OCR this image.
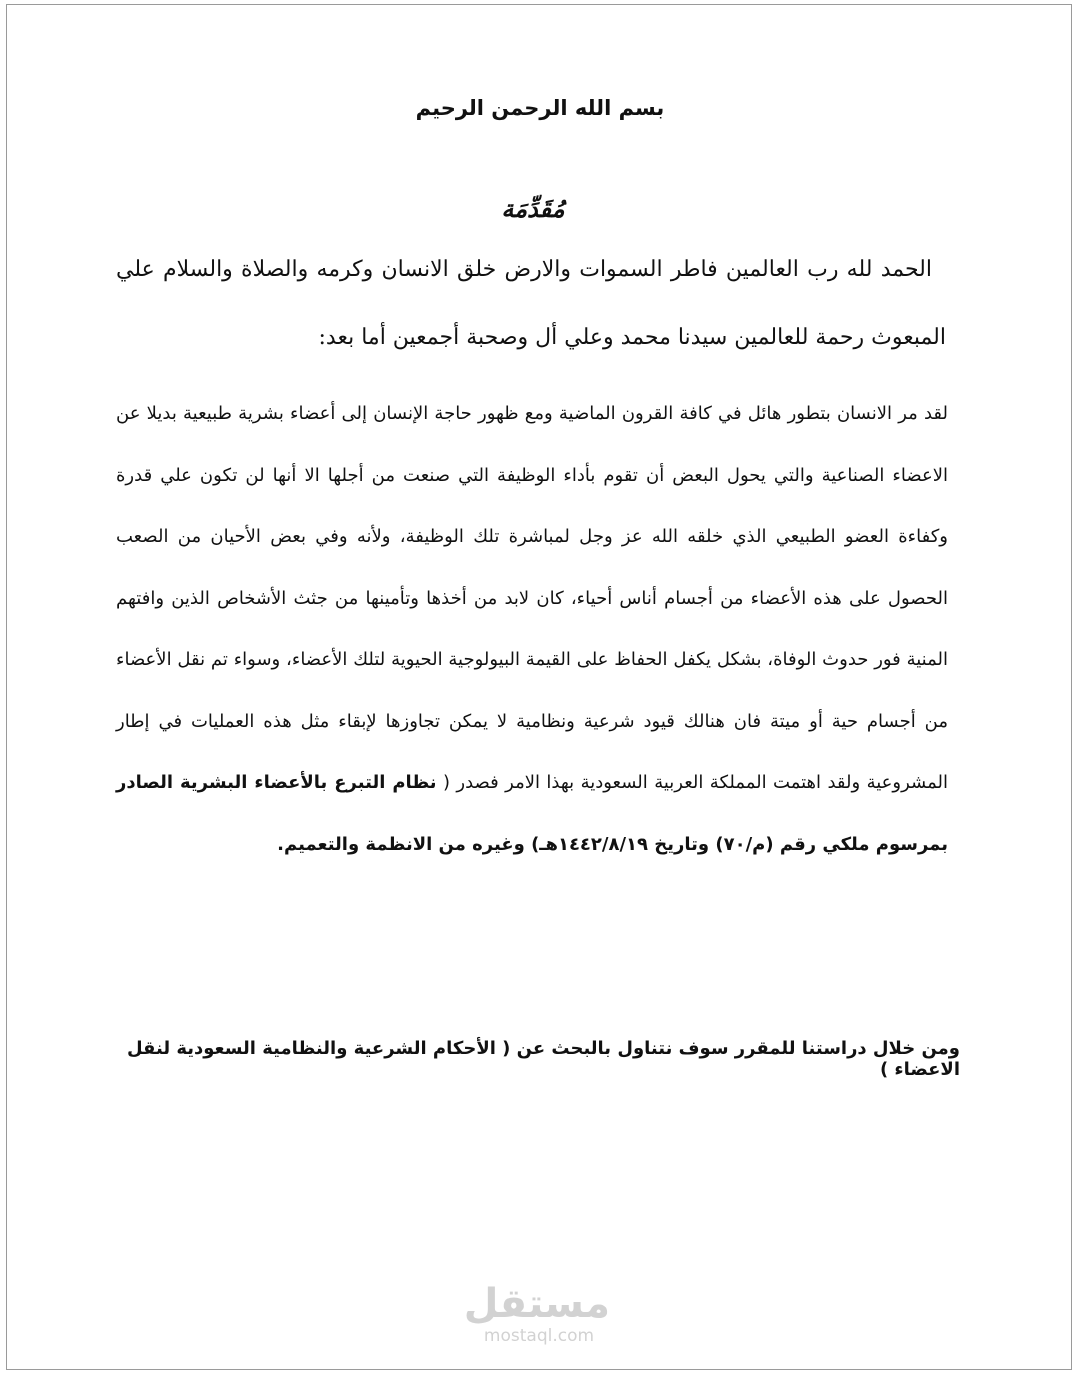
بسم الله الرحمن الرحيم
مُقَدِّمَة

الحمد لله رب العالمين فاطر السموات والارض خلق الانسان وكرمه والصلاة والسلام علي المبعوث رحمة للعالمين سيدنا محمد وعلي أل وصحبة أجمعين أما بعد:

لقد مر الانسان بتطور هائل في كافة القرون الماضية ومع ظهور حاجة الإنسان إلى أعضاء بشرية طبيعية بديلا عن الاعضاء الصناعية والتي يحول البعض أن تقوم بأداء الوظيفة التي صنعت من أجلها الا أنها لن تكون علي قدرة وكفاءة العضو الطبيعي الذي خلقه الله عز وجل لمباشرة تلك الوظيفة، ولأنه وفي بعض الأحيان من الصعب الحصول على هذه الأعضاء من أجسام أناس أحياء، كان لابد من أخذها وتأمينها من جثث الأشخاص الذين وافتهم المنية فور حدوث الوفاة، بشكل يكفل الحفاظ على القيمة البيولوجية الحيوية لتلك الأعضاء، وسواء تم نقل الأعضاء من أجسام حية أو ميتة فان هنالك قيود شرعية ونظامية لا يمكن تجاوزها لإبقاء مثل هذه العمليات في إطار المشروعية ولقد اهتمت المملكة العربية السعودية بهذا الامر فصدر ( نظام التبرع بالأعضاء البشرية الصادر بمرسوم ملكي رقم (م/٧٠) وتاريخ ١٤٤٢/٨/١٩هـ) وغيره من الانظمة والتعميم.

ومن خلال دراستنا للمقرر سوف نتناول بالبحث عن ( الأحكام الشرعية والنظامية السعودية لنقل الاعضاء )
مستقل
mostaql.com
